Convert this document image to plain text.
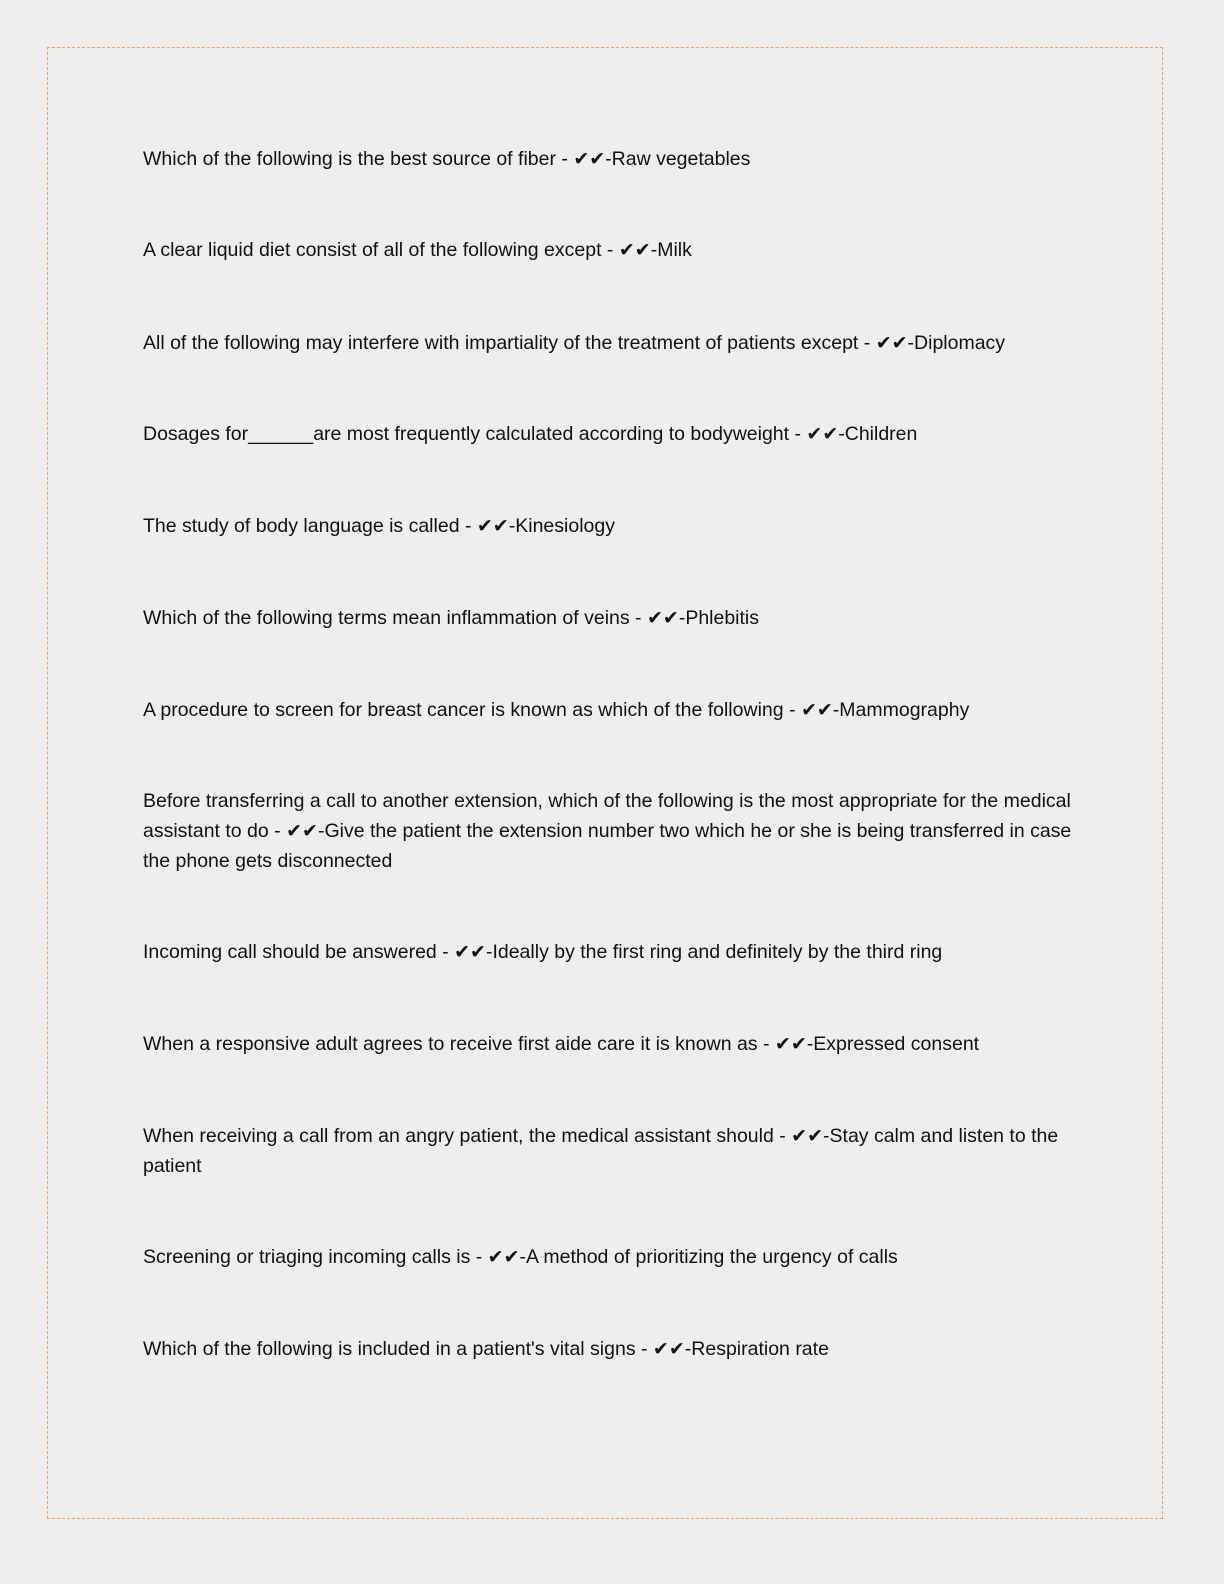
Which of the following is the best source of fiber - ✔✔-Raw vegetables
A clear liquid diet consist of all of the following except - ✔✔-Milk
All of the following may interfere with impartiality of the treatment of patients except - ✔✔-Diplomacy
Dosages for______are most frequently calculated according to bodyweight - ✔✔-Children
The study of body language is called - ✔✔-Kinesiology
Which of the following terms mean inflammation of veins - ✔✔-Phlebitis
A procedure to screen for breast cancer is known as which of the following - ✔✔-Mammography
Before transferring a call to another extension, which of the following is the most appropriate for the medical assistant to do - ✔✔-Give the patient the extension number two which he or she is being transferred in case the phone gets disconnected
Incoming call should be answered - ✔✔-Ideally by the first ring and definitely by the third ring
When a responsive adult agrees to receive first aide care it is known as - ✔✔-Expressed consent
When receiving a call from an angry patient, the medical assistant should - ✔✔-Stay calm and listen to the patient
Screening or triaging incoming calls is - ✔✔-A method of prioritizing the urgency of calls
Which of the following is included in a patient's vital signs - ✔✔-Respiration rate
